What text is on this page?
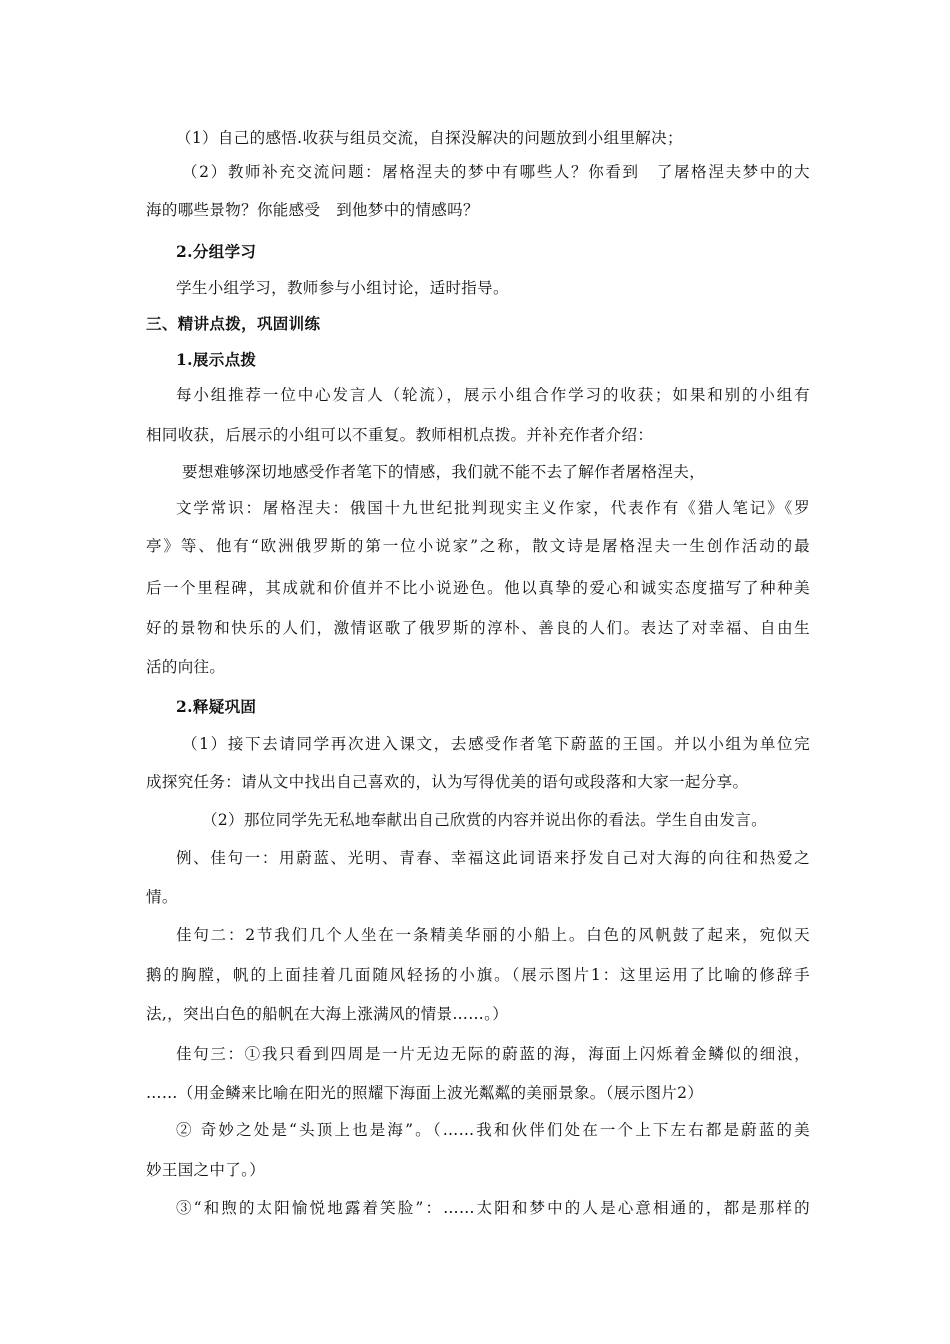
（1）自己的感悟.收获与组员交流，自探没解决的问题放到小组里解决；
（2）教师补充交流问题：屠格涅夫的梦中有哪些人？你看到　了屠格涅夫梦中的大
海的哪些景物？你能感受　到他梦中的情感吗？
2.分组学习
学生小组学习，教师参与小组讨论，适时指导。
三、精讲点拨，巩固训练
1.展示点拨
每小组推荐一位中心发言人（轮流），展示小组合作学习的收获；如果和别的小组有
相同收获，后展示的小组可以不重复。教师相机点拨。并补充作者介绍：
要想难够深切地感受作者笔下的情感，我们就不能不去了解作者屠格涅夫，
文学常识：屠格涅夫：俄国十九世纪批判现实主义作家，代表作有《猎人笔记》《罗
亭》等、他有“欧洲俄罗斯的第一位小说家”之称，散文诗是屠格涅夫一生创作活动的最
后一个里程碑，其成就和价值并不比小说逊色。他以真挚的爱心和诚实态度描写了种种美
好的景物和快乐的人们，激情讴歌了俄罗斯的淳朴、善良的人们。表达了对幸福、自由生
活的向往。
2.释疑巩固
（1）接下去请同学再次进入课文，去感受作者笔下蔚蓝的王国。并以小组为单位完
成探究任务：请从文中找出自己喜欢的，认为写得优美的语句或段落和大家一起分享。
（2）那位同学先无私地奉献出自己欣赏的内容并说出你的看法。学生自由发言。
例、佳句一：用蔚蓝、光明、青春、幸福这此词语来抒发自己对大海的向往和热爱之
情。
佳句二：2节我们几个人坐在一条精美华丽的小船上。白色的风帆鼓了起来，宛似天
鹅的胸膛，帆的上面挂着几面随风轻扬的小旗。（展示图片1：这里运用了比喻的修辞手
法,，突出白色的船帆在大海上涨满风的情景……。）
佳句三：①我只看到四周是一片无边无际的蔚蓝的海，海面上闪烁着金鳞似的细浪，
……（用金鳞来比喻在阳光的照耀下海面上波光粼粼的美丽景象。（展示图片2）
② 奇妙之处是“头顶上也是海”。（……我和伙伴们处在一个上下左右都是蔚蓝的美
妙王国之中了。）
③“和煦的太阳愉悦地露着笑脸”：……太阳和梦中的人是心意相通的，都是那样的
